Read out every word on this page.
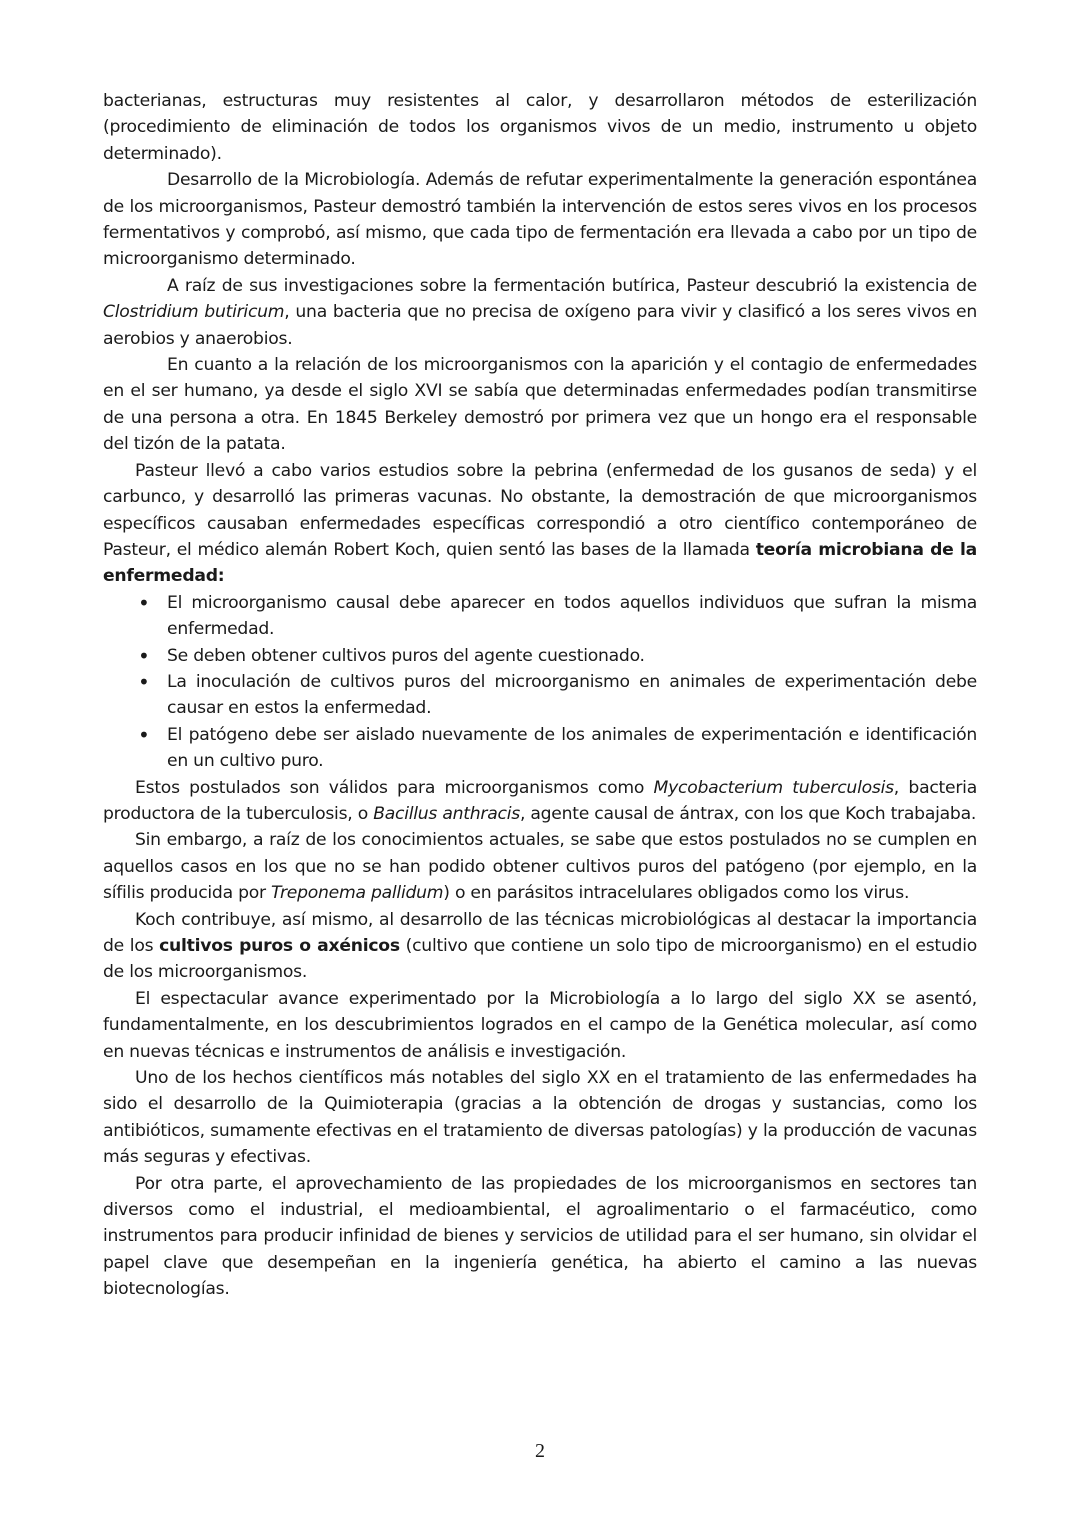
bacterianas, estructuras muy resistentes al calor, y desarrollaron métodos de esterilización (procedimiento de eliminación de todos los organismos vivos de un medio, instrumento u objeto determinado).

Desarrollo de la Microbiología. Además de refutar experimentalmente la generación espontánea de los microorganismos, Pasteur demostró también la intervención de estos seres vivos en los procesos fermentativos y comprobó, así mismo, que cada tipo de fermentación era llevada a cabo por un tipo de microorganismo determinado.

A raíz de sus investigaciones sobre la fermentación butírica, Pasteur descubrió la existencia de Clostridium butiricum, una bacteria que no precisa de oxígeno para vivir y clasificó a los seres vivos en aerobios y anaerobios.

En cuanto a la relación de los microorganismos con la aparición y el contagio de enfermedades en el ser humano, ya desde el siglo XVI se sabía que determinadas enfermedades podían transmitirse de una persona a otra. En 1845 Berkeley demostró por primera vez que un hongo era el responsable del tizón de la patata.

Pasteur llevó a cabo varios estudios sobre la pebrina (enfermedad de los gusanos de seda) y el carbunco, y desarrolló las primeras vacunas. No obstante, la demostración de que microorganismos específicos causaban enfermedades específicas correspondió a otro científico contemporáneo de Pasteur, el médico alemán Robert Koch, quien sentó las bases de la llamada teoría microbiana de la enfermedad:

• El microorganismo causal debe aparecer en todos aquellos individuos que sufran la misma enfermedad.
• Se deben obtener cultivos puros del agente cuestionado.
• La inoculación de cultivos puros del microorganismo en animales de experimentación debe causar en estos la enfermedad.
• El patógeno debe ser aislado nuevamente de los animales de experimentación e identificación en un cultivo puro.

Estos postulados son válidos para microorganismos como Mycobacterium tuberculosis, bacteria productora de la tuberculosis, o Bacillus anthracis, agente causal de ántrax, con los que Koch trabajaba.

Sin embargo, a raíz de los conocimientos actuales, se sabe que estos postulados no se cumplen en aquellos casos en los que no se han podido obtener cultivos puros del patógeno (por ejemplo, en la sífilis producida por Treponema pallidum) o en parásitos intracelulares obligados como los virus.

Koch contribuye, así mismo, al desarrollo de las técnicas microbiológicas al destacar la importancia de los cultivos puros o axénicos (cultivo que contiene un solo tipo de microorganismo) en el estudio de los microorganismos.

El espectacular avance experimentado por la Microbiología a lo largo del siglo XX se asentó, fundamentalmente, en los descubrimientos logrados en el campo de la Genética molecular, así como en nuevas técnicas e instrumentos de análisis e investigación.

Uno de los hechos científicos más notables del siglo XX en el tratamiento de las enfermedades ha sido el desarrollo de la Quimioterapia (gracias a la obtención de drogas y sustancias, como los antibióticos, sumamente efectivas en el tratamiento de diversas patologías) y la producción de vacunas más seguras y efectivas.

Por otra parte, el aprovechamiento de las propiedades de los microorganismos en sectores tan diversos como el industrial, el medioambiental, el agroalimentario o el farmacéutico, como instrumentos para producir infinidad de bienes y servicios de utilidad para el ser humano, sin olvidar el papel clave que desempeñan en la ingeniería genética, ha abierto el camino a las nuevas biotecnologías.

2
